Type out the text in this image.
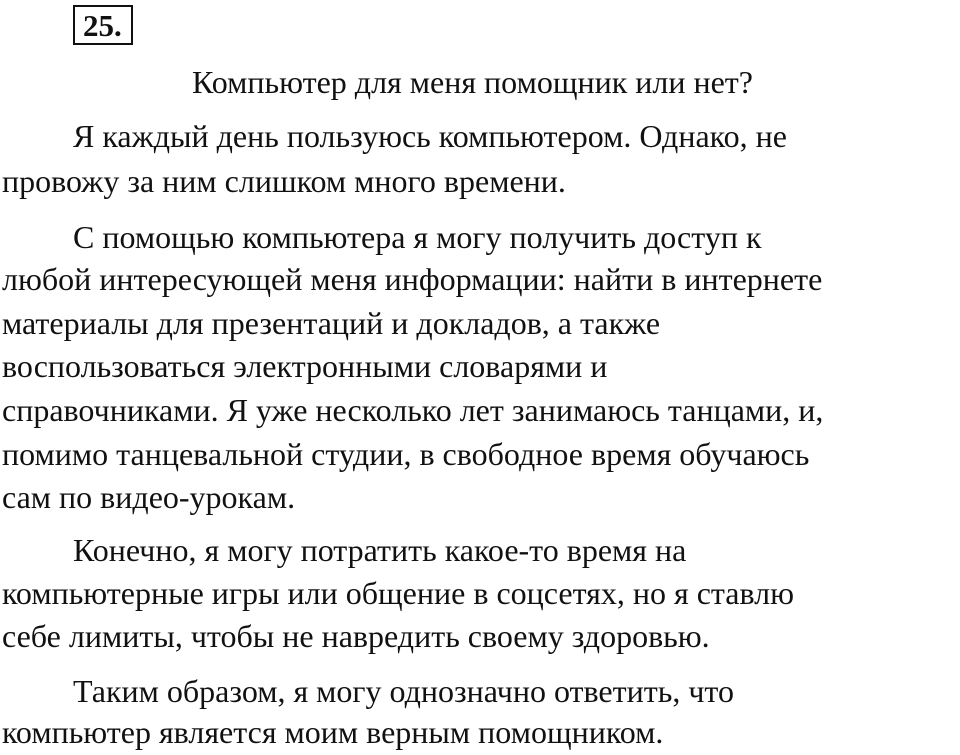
25.
Компьютер для меня помощник или нет?
Я каждый день пользуюсь компьютером. Однако, не
провожу за ним слишком много времени.
С помощью компьютера я могу получить доступ к
любой интересующей меня информации: найти в интернете
материалы для презентаций и докладов, а также
воспользоваться электронными словарями и
справочниками. Я уже несколько лет занимаюсь танцами, и,
помимо танцевальной студии, в свободное время обучаюсь
сам по видео-урокам.
Конечно, я могу потратить какое-то время на
компьютерные игры или общение в соцсетях, но я ставлю
себе лимиты, чтобы не навредить своему здоровью.
Таким образом, я могу однозначно ответить, что
компьютер является моим верным помощником.
